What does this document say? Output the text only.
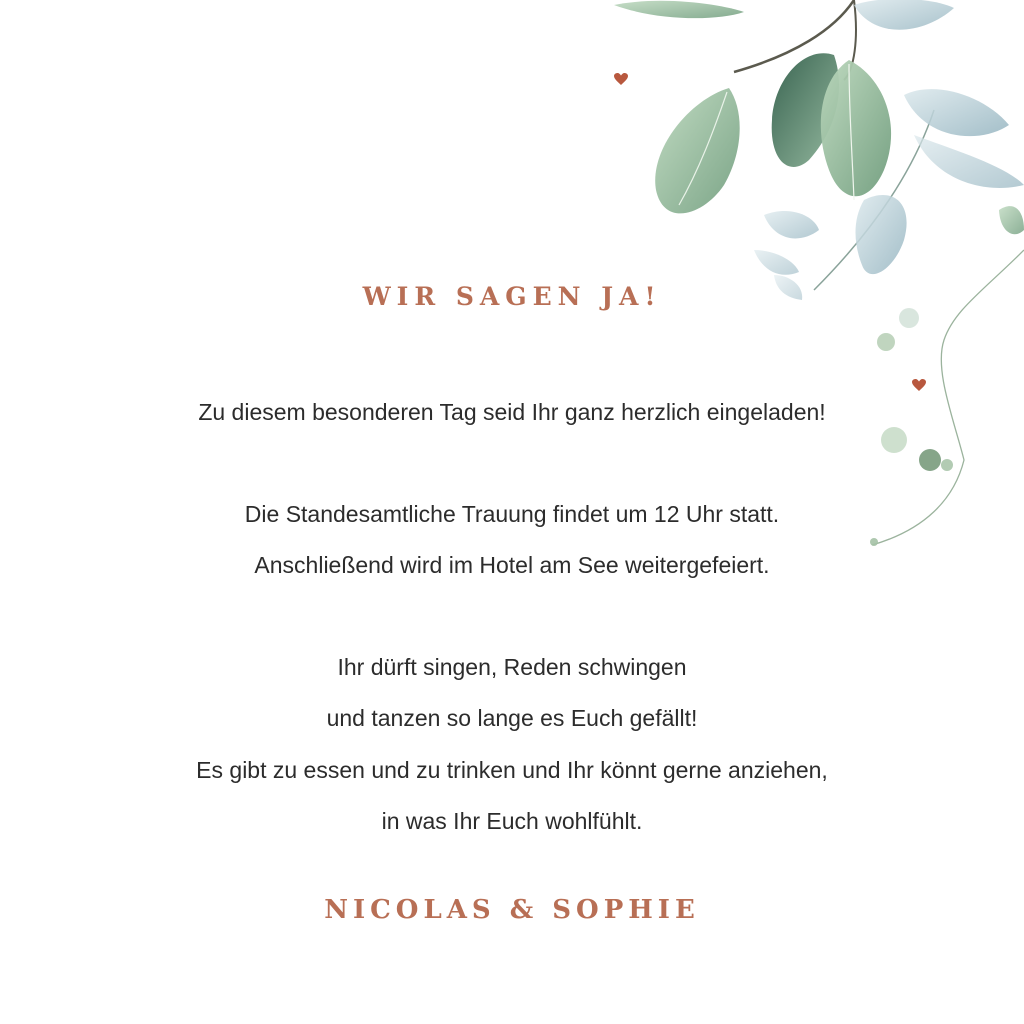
WIR SAGEN JA!

Zu diesem besonderen Tag seid Ihr ganz herzlich eingeladen!

Die Standesamtliche Trauung findet um 12 Uhr statt.

Anschließend wird im Hotel am See weitergefeiert.

Ihr dürft singen, Reden schwingen

und tanzen so lange es Euch gefällt!

Es gibt zu essen und zu trinken und Ihr könnt gerne anziehen,

in was Ihr Euch wohlfühlt.

NICOLAS & SOPHIE
